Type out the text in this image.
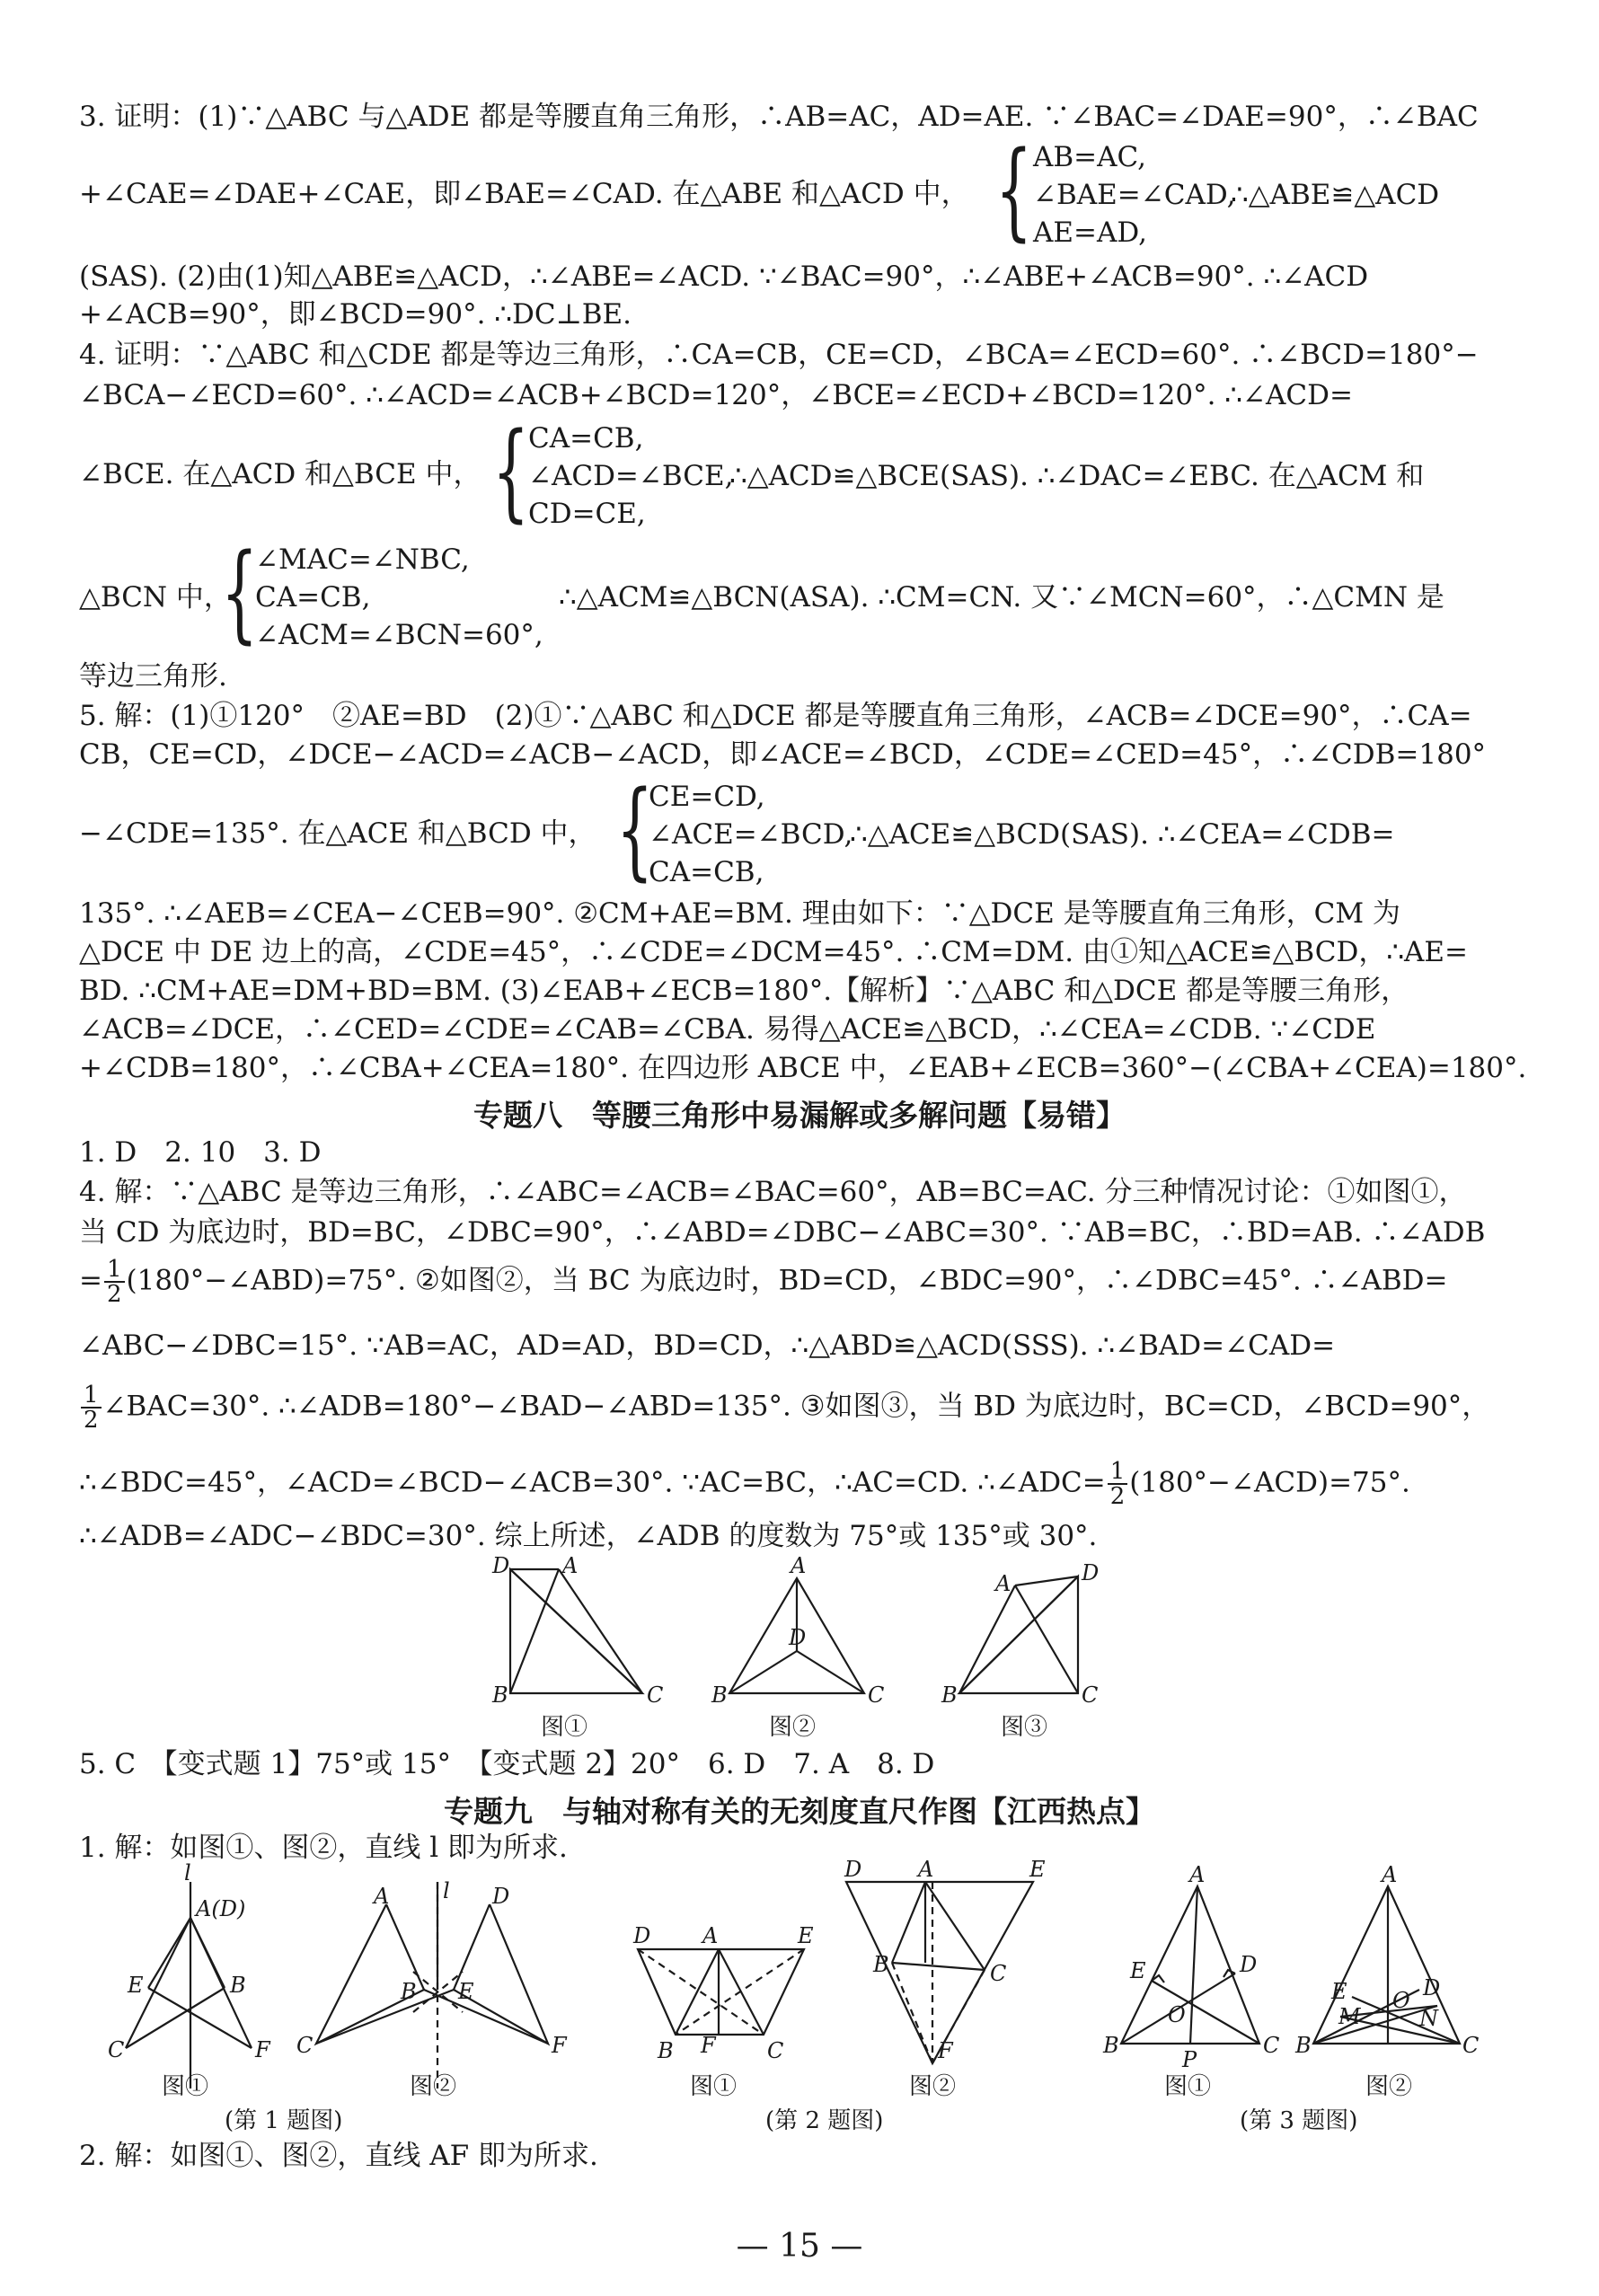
3. 证明：(1)∵△ABC 与△ADE 都是等腰直角三角形，∴AB=AC，AD=AE. ∵∠BAC=∠DAE=90°，∴∠BAC
+∠CAE=∠DAE+∠CAE，即∠BAE=∠CAD. 在△ABE 和△ACD 中， { AB=AC,
∠BAE=∠CAD,
AE=AD,
∴△ABE≌△ACD
(SAS). (2)由(1)知△ABE≌△ACD，∴∠ABE=∠ACD. ∵∠BAC=90°，∴∠ABE+∠ACB=90°. ∴∠ACD
+∠ACB=90°，即∠BCD=90°. ∴DC⊥BE.
4. 证明：∵△ABC 和△CDE 都是等边三角形，∴CA=CB，CE=CD，∠BCA=∠ECD=60°. ∴∠BCD=180°−
∠BCA−∠ECD=60°. ∴∠ACD=∠ACB+∠BCD=120°，∠BCE=∠ECD+∠BCD=120°. ∴∠ACD=
∠BCE. 在△ACD 和△BCE 中， {
CA=CB,
∠ACD=∠BCE,
CD=CE,
∴△ACD≌△BCE(SAS). ∴∠DAC=∠EBC. 在△ACM 和
△BCN 中，
{
∠MAC=∠NBC,
CA=CB,
∠ACM=∠BCN=60°,
∴△ACM≌△BCN(ASA). ∴CM=CN. 又∵∠MCN=60°，∴△CMN 是
等边三角形.
5. 解：(1)①120°　②AE=BD　(2)①∵△ABC 和△DCE 都是等腰直角三角形，∠ACB=∠DCE=90°，∴CA=
CB，CE=CD，∠DCE−∠ACD=∠ACB−∠ACD，即∠ACE=∠BCD，∠CDE=∠CED=45°，∴∠CDB=180°
−∠CDE=135°. 在△ACE 和△BCD 中， {
CE=CD,
∠ACE=∠BCD,
CA=CB,
∴△ACE≌△BCD(SAS). ∴∠CEA=∠CDB=
135°. ∴∠AEB=∠CEA−∠CEB=90°. ②CM+AE=BM. 理由如下：∵△DCE 是等腰直角三角形，CM 为
△DCE 中 DE 边上的高，∠CDE=45°，∴∠CDE=∠DCM=45°. ∴CM=DM. 由①知△ACE≌△BCD，∴AE=
BD. ∴CM+AE=DM+BD=BM. (3)∠EAB+∠ECB=180°.【解析】∵△ABC 和△DCE 都是等腰三角形，
∠ACB=∠DCE，∴∠CED=∠CDE=∠CAB=∠CBA. 易得△ACE≌△BCD，∴∠CEA=∠CDB. ∵∠CDE
+∠CDB=180°，∴∠CBA+∠CEA=180°. 在四边形 ABCE 中，∠EAB+∠ECB=360°−(∠CBA+∠CEA)=180°.
专题八　等腰三角形中易漏解或多解问题【易错】
1. D　2. 10　3. D
4. 解：∵△ABC 是等边三角形，∴∠ABC=∠ACB=∠BAC=60°，AB=BC=AC. 分三种情况讨论：①如图①，
当 CD 为底边时，BD=BC，∠DBC=90°，∴∠ABD=∠DBC−∠ABC=30°. ∵AB=BC，∴BD=AB. ∴∠ADB
= $\frac{1}{2}$ (180°−∠ABD)=75°. ②如图②，当 BC 为底边时，BD=CD，∠BDC=90°，∴∠DBC=45°. ∴∠ABD=
∠ABC−∠DBC=15°. ∵AB=AC，AD=AD，BD=CD，∴△ABD≌△ACD(SSS). ∴∠BAD=∠CAD=
$\frac{1}{2}$ ∠BAC=30°. ∴∠ADB=180°−∠BAD−∠ABD=135°. ③如图③，当 BD 为底边时，BC=CD，∠BCD=90°，
∴∠BDC=45°，∠ACD=∠BCD−∠ACB=30°. ∵AC=BC，∴AC=CD. ∴∠ADC= $\frac{1}{2}$ (180°−∠ACD)=75°.
∴∠ADB=∠ADC−∠BDC=30°. 综上所述，∠ADB 的度数为 75°或 135°或 30°.
D A
B	C
图①
A
D
B	C
图②
A	D
B	C
图③
5. C　【变式题 1】75°或 15°　【变式题 2】20°　6. D　7. A　8. D
专题九　与轴对称有关的无刻度直尺作图【江西热点】
1. 解：如图①、图②，直线 l 即为所求.
l
A(D)
E	B
C	F
图①
A l D
B E
C	F
图②
(第 1 题图)
D A	E
B F C
图①
D	A	E
B	C
F
图②
(第 2 题图)
A
E	D
O
B
P
C
图①
A
E	D
M
O
N
B	C
图②
(第 3 题图)
2. 解：如图①、图②，直线 AF 即为所求.
— 15 —
